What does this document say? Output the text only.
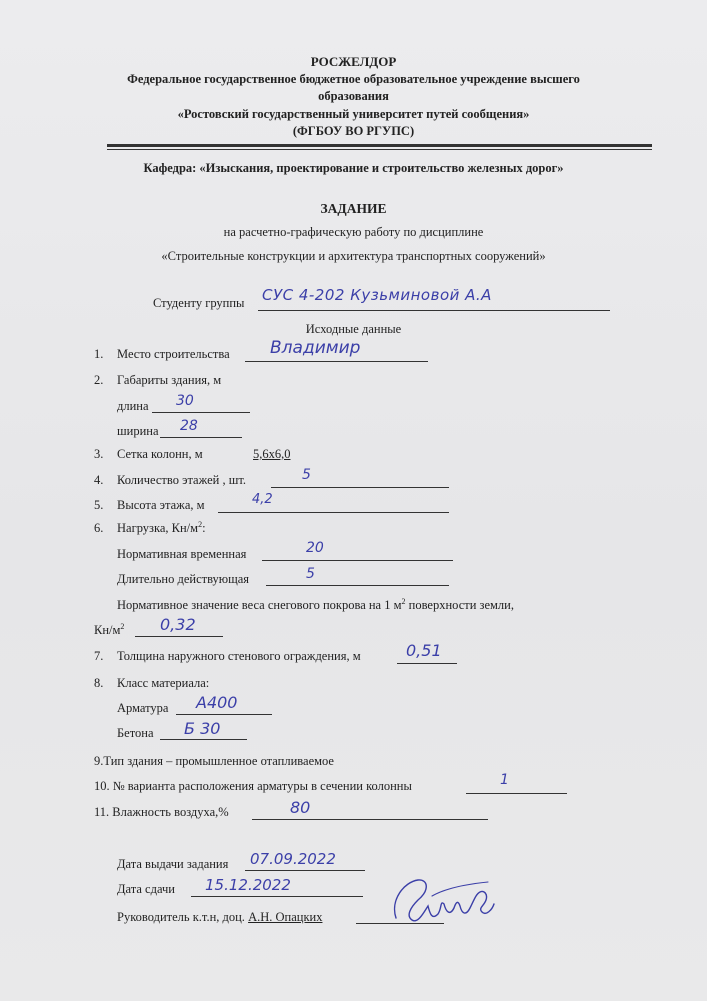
РОСЖЕЛДОР
Федеральное государственное бюджетное образовательное учреждение высшего
образования
«Ростовский государственный университет путей сообщения»
(ФГБОУ ВО РГУПС)
Кафедра: «Изыскания, проектирование и строительство железных дорог»
ЗАДАНИЕ
на расчетно-графическую работу по дисциплине
«Строительные конструкции и архитектура транспортных сооружений»
Студенту группы СУС 4-202 Кузьминовой А.А
Исходные данные
1. Место строительства Владимир
2. Габариты здания, м
длина 30
ширина 28
3. Сетка колонн, м	5,6х6,0
4. Количество этажей , шт.	5
5. Высота этажа, м	4,2
6. Нагрузка, $Кн/м^2$:
Нормативная временная	20
Длительно действующая	5
Нормативное значение веса снегового покрова на 1 $м^2$ поверхности земли,
$Кн/м^2$ 0,32
7. Толщина наружного стенового ограждения, м	0,51
8. Класс материала:
Арматура А400
Бетона Б 30
9.Тип здания – промышленное отапливаемое
10. № варианта расположения арматуры в сечении колонны	1
11. Влажность воздуха,%	80
Дата выдачи задания 07.09.2022
Дата сдачи 15.12.2022
Руководитель к.т.н, доц. А.Н. Опацких
